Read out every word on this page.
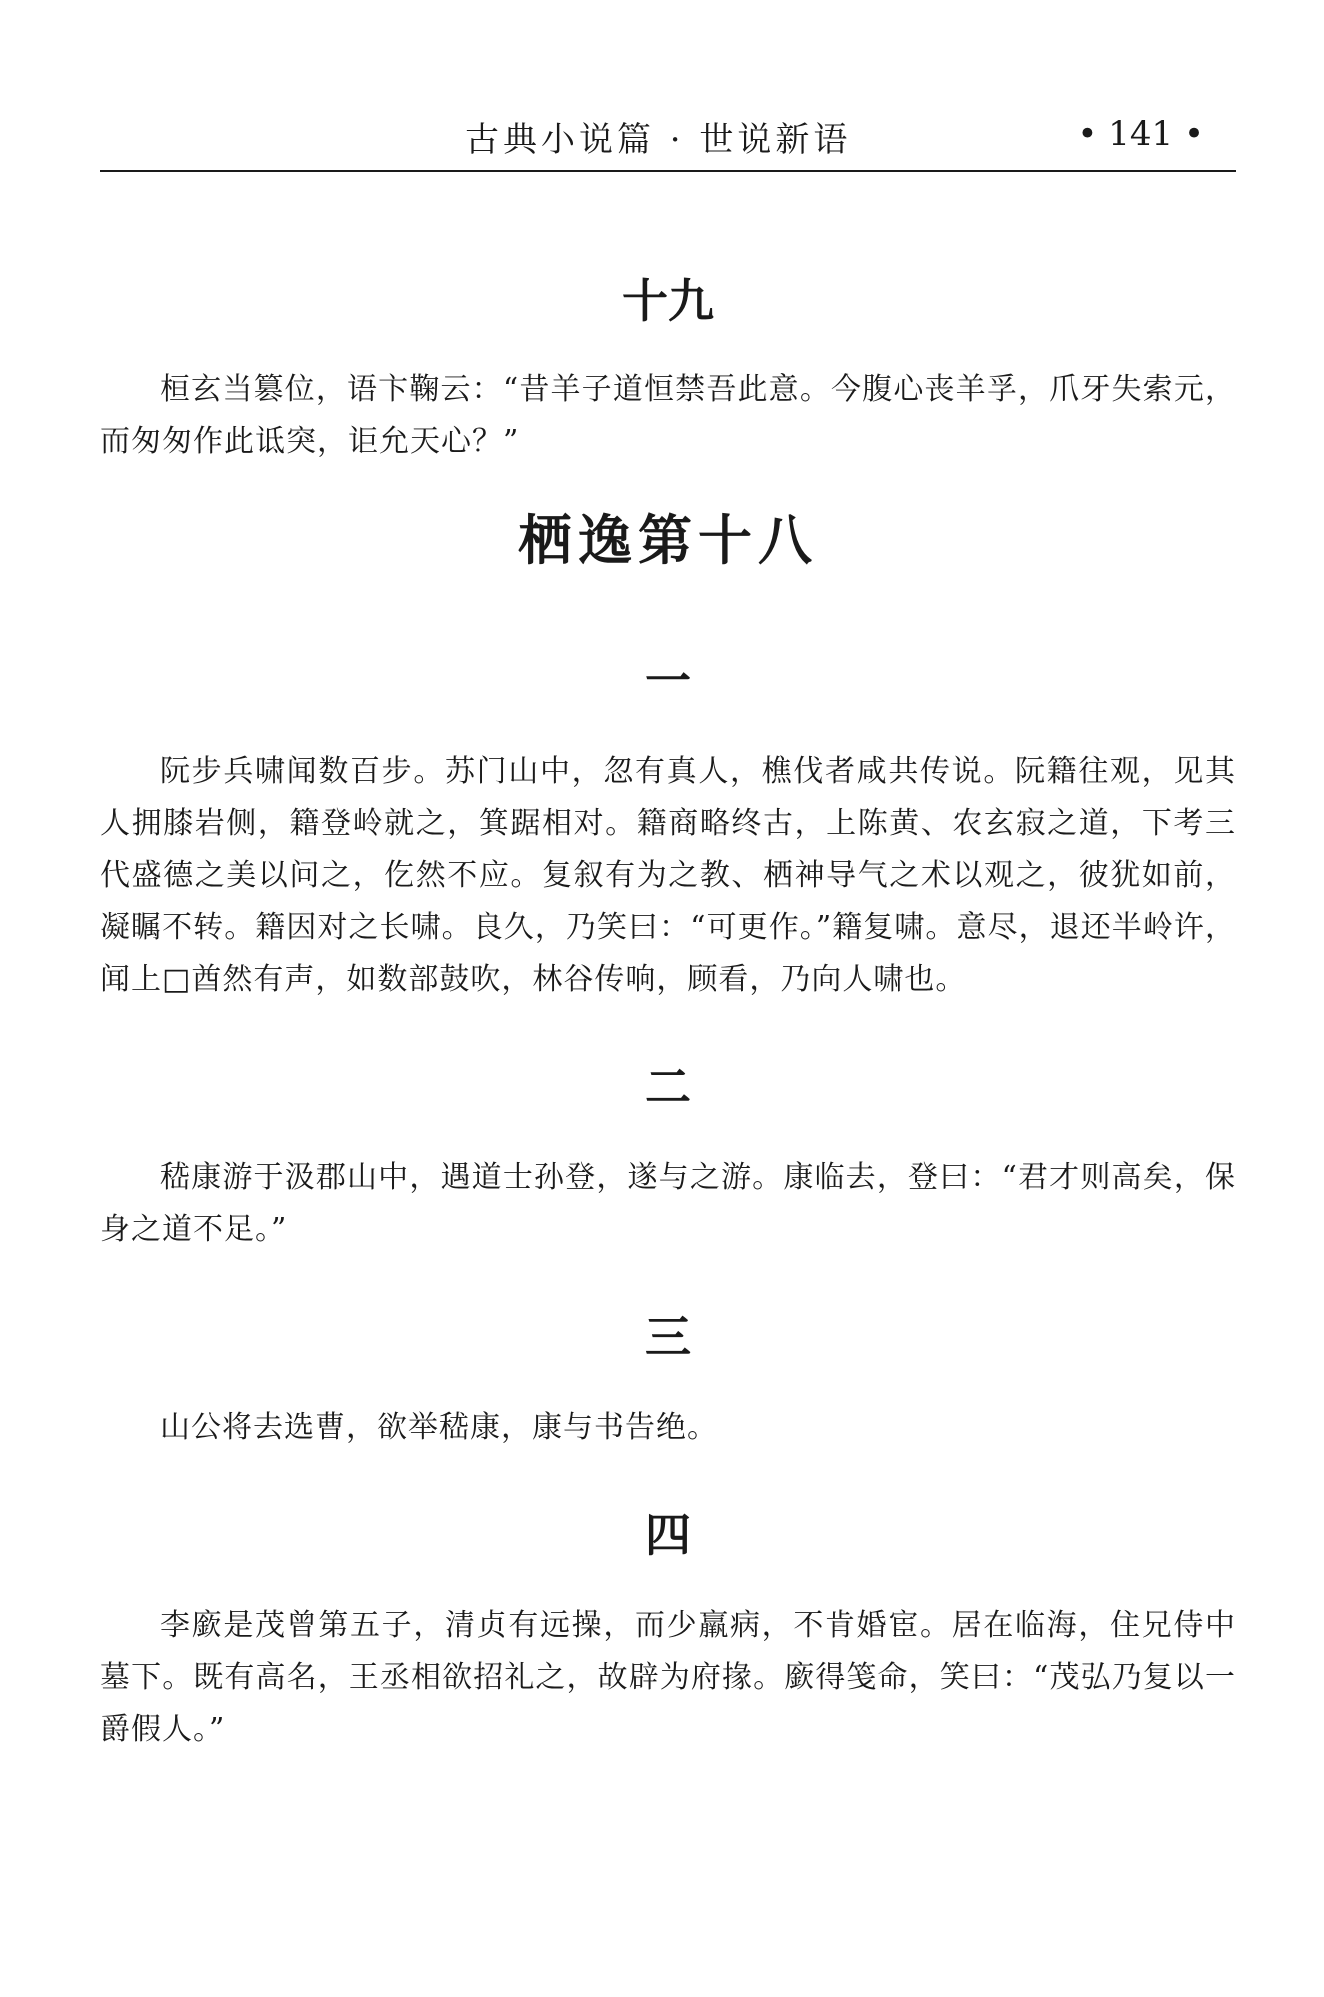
古典小说篇 · 世说新语	• 141 •
十九

桓玄当篡位，语卞鞠云：“昔羊子道恒禁吾此意。今腹心丧羊孚，爪牙失索元，而匆匆作此诋突，讵允天心？”

栖逸第十八
一

阮步兵啸闻数百步。苏门山中，忽有真人，樵伐者咸共传说。阮籍往观，见其人拥膝岩侧，籍登岭就之，箕踞相对。籍商略终古，上陈黄、农玄寂之道，下考三代盛德之美以问之，仡然不应。复叙有为之教、栖神导气之术以观之，彼犹如前，凝瞩不转。籍因对之长啸。良久，乃笑曰：“可更作。”籍复啸。意尽，退还半岭许，闻上□酋然有声，如数部鼓吹，林谷传响，顾看，乃向人啸也。

二

嵇康游于汲郡山中，遇道士孙登，遂与之游。康临去，登曰：“君才则高矣，保身之道不足。”

三

山公将去选曹，欲举嵇康，康与书告绝。

四

李廞是茂曾第五子，清贞有远操，而少羸病，不肯婚宦。居在临海，住兄侍中墓下。既有高名，王丞相欲招礼之，故辟为府掾。廞得笺命，笑曰：“茂弘乃复以一爵假人。”
